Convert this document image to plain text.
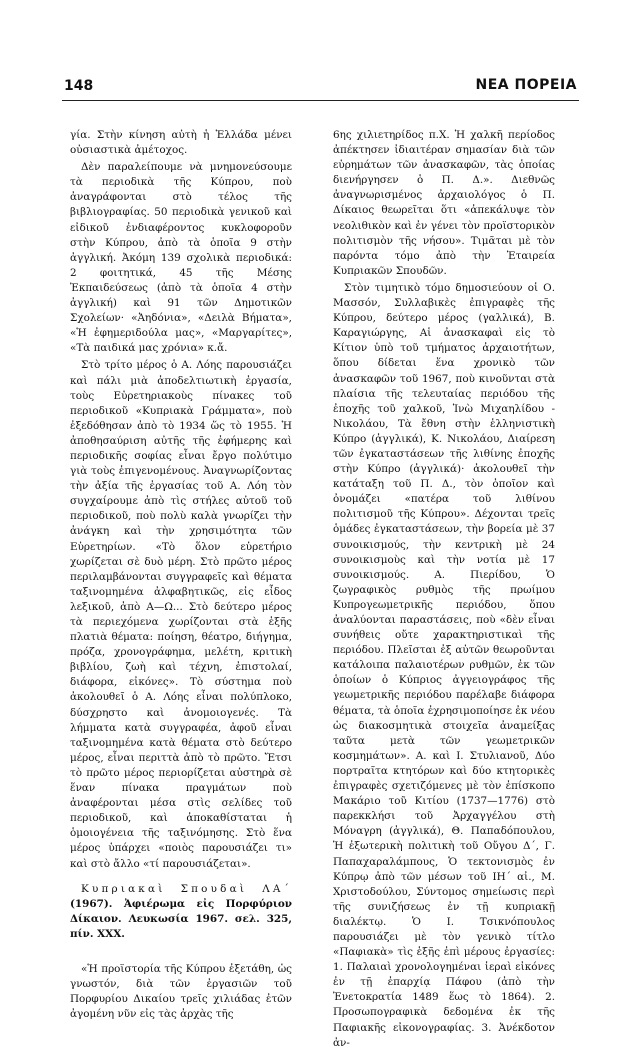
148	ΝΕΑ ΠΟΡΕΙΑ

γία. Στὴν κίνηση αὐτὴ ἡ Ἑλλάδα μένει οὐσιαστικὰ ἀμέτοχος.

Δὲν παραλείπουμε νὰ μνημονεύσουμε τὰ περιοδικὰ τῆς Κύπρου, ποὺ ἀναγράφονται στὸ τέλος τῆς βιβλιογραφίας. 50 περιοδικὰ γενικοῦ καὶ εἰδικοῦ ἐνδιαφέροντος κυκλοφοροῦν στὴν Κύπρου, ἀπὸ τὰ ὁποῖα 9 στὴν ἀγγλική. Ἀκόμη 139 σχολικὰ περιοδικά: 2 φοιτητικά, 45 τῆς Μέσης Ἐκπαιδεύσεως (ἀπὸ τὰ ὁποῖα 4 στὴν ἀγγλική) καὶ 91 τῶν Δημοτικῶν Σχολείων· «Ἀηδόνια», «Δειλὰ Βήματα», «Ἡ ἐφημεριδούλα μας», «Μαργαρίτες», «Τὰ παιδικά μας χρόνια» κ.ἄ.

Στὸ τρίτο μέρος ὁ Α. Λόης παρουσιάζει καὶ πάλι μιὰ ἀποδελτιωτικὴ ἐργασία, τοὺς Εὑρετηριακοὺς πίνακες τοῦ περιοδικοῦ «Κυπριακὰ Γράμματα», ποὺ ἐξεδόθησαν ἀπὸ τὸ 1934 ὥς τὸ 1955. Ἡ ἀποθησαύριση αὐτῆς τῆς ἐφήμερης καὶ περιοδικῆς σοφίας εἶναι ἔργο πολύτιμο γιὰ τοὺς ἐπιγενομένους. Ἀναγνωρίζοντας τὴν ἀξία τῆς ἐργασίας τοῦ Α. Λόη τὸν συγχαίρουμε ἀπὸ τὶς στήλες αὐτοῦ τοῦ περιοδικοῦ, ποὺ πολὺ καλὰ γνωρίζει τὴν ἀνάγκη καὶ τὴν χρησιμότητα τῶν Εὑρετηρίων. «Τὸ ὅλον εὑρετήριο χωρίζεται σὲ δυὸ μέρη. Στὸ πρῶτο μέρος περιλαμβάνονται συγγραφεῖς καὶ θέματα ταξινομημένα ἀλφαβητικῶς, εἰς εἶδος λεξικοῦ, ἀπὸ Α—Ω... Στὸ δεύτερο μέρος τὰ περιεχόμενα χωρίζονται στὰ ἑξῆς πλατιὰ θέματα: ποίηση, θέατρο, διήγημα, πρόζα, χρονογράφημα, μελέτη, κριτικὴ βιβλίου, ζωὴ καὶ τέχνη, ἐπιστολαί, διάφορα, εἰκόνες». Τὸ σύστημα ποὺ ἀκολουθεῖ ὁ Α. Λόης εἶναι πολύπλοκο, δύσχρηστο καὶ ἀνομοιογενές. Τὰ λήμματα κατὰ συγγραφέα, ἀφοῦ εἶναι ταξινομημένα κατὰ θέματα στὸ δεύτερο μέρος, εἶναι περιττὰ ἀπὸ τὸ πρῶτο. Ἔτσι τὸ πρῶτο μέρος περιορίζεται αὐστηρὰ σὲ ἕναν πίνακα πραγμάτων ποὺ ἀναφέρονται μέσα στὶς σελίδες τοῦ περιοδικοῦ, καὶ ἀποκαθίσταται ἡ ὁμοιογένεια τῆς ταξινόμησης. Στὸ ἕνα μέρος ὑπάρχει «ποιὸς παρουσιάζει τι» καὶ στὸ ἄλλο «τί παρουσιάζεται».

Κυπριακαὶ Σπουδαὶ ΛΑ΄ (1967). Ἀφιέρωμα εἰς Πορφύριον Δίκαιον. Λευκωσία 1967. σελ. 325, πίν. XXX.

«Ἡ προϊστορία τῆς Κύπρου ἐξετάθη, ὡς γνωστόν, διὰ τῶν ἐργασιῶν τοῦ Πορφυρίου Δικαίου τρεῖς χιλιάδας ἐτῶν ἀγομένη νῦν εἰς τὰς ἀρχὰς τῆς

6ης χιλιετηρίδος π.Χ. Ἡ χαλκῆ περίοδος ἀπέκτησεν ἰδιαιτέραν σημασίαν διὰ τῶν εὑρημάτων τῶν ἀνασκαφῶν, τὰς ὁποίας διενήργησεν ὁ Π. Δ.». Διεθνῶς ἀναγνωρισμένος ἀρχαιολόγος ὁ Π. Δίκαιος θεωρεῖται ὅτι «ἀπεκάλυψε τὸν νεολιθικὸν καὶ ἐν γένει τὸν προϊστορικὸν πολιτισμὸν τῆς νήσου». Τιμᾶται μὲ τὸν παρόντα τόμο ἀπὸ τὴν Ἑταιρεία Κυπριακῶν Σπουδῶν.

Στὸν τιμητικὸ τόμο δημοσιεύουν οἱ Ο. Μασσόν, Συλλαβικὲς ἐπιγραφὲς τῆς Κύπρου, δεύτερο μέρος (γαλλικά), Β. Καραγιώργης, Αἱ ἀνασκαφαὶ εἰς τὸ Κίτιον ὑπὸ τοῦ τμήματος ἀρχαιοτήτων, ὅπου δίδεται ἕνα χρονικὸ τῶν ἀνασκαφῶν τοῦ 1967, ποὺ κινοῦνται στὰ πλαίσια τῆς τελευταίας περιόδου τῆς ἐποχῆς τοῦ χαλκοῦ, Ἰνὼ Μιχαηλίδου - Νικολάου, Τὰ ἔθνη στὴν ἑλληνιστικὴ Κύπρο (ἀγγλικά), Κ. Νικολάου, Διαίρεση τῶν ἐγκαταστάσεων τῆς λιθίνης ἐποχῆς στὴν Κύπρο (ἀγγλικά)· ἀκολουθεῖ τὴν κατάταξη τοῦ Π. Δ., τὸν ὁποῖον καὶ ὀνομάζει «πατέρα τοῦ λιθίνου πολιτισμοῦ τῆς Κύπρου». Δέχονται τρεῖς ὁμάδες ἐγκαταστάσεων, τὴν βορεία μὲ 37 συνοικισμούς, τὴν κεντρικὴ μὲ 24 συνοικισμοὺς καὶ τὴν νοτία μὲ 17 συνοικισμούς. Α. Πιερίδου, Ὁ ζωγραφικὸς ρυθμὸς τῆς πρωίμου Κυπρογεωμετρικῆς περιόδου, ὅπου ἀναλύονται παραστάσεις, ποὺ «δὲν εἶναι συνήθεις οὔτε χαρακτηριστικαὶ τῆς περιόδου. Πλεῖσται ἐξ αὐτῶν θεωροῦνται κατάλοιπα παλαιοτέρων ρυθμῶν, ἐκ τῶν ὁποίων ὁ Κύπριος ἀγγειογράφος τῆς γεωμετρικῆς περιόδου παρέλαβε διάφορα θέματα, τὰ ὁποῖα ἐχρησιμοποίησε ἐκ νέου ὡς διακοσμητικὰ στοιχεῖα ἀναμείξας ταῦτα μετὰ τῶν γεωμετρικῶν κοσμημάτων». Α. καὶ Ι. Στυλιανοῦ, Δύο πορτραῖτα κτητόρων καὶ δύο κτητορικὲς ἐπιγραφὲς σχετιζόμενες μὲ τὸν ἐπίσκοπο Μακάριο τοῦ Κιτίου (1737—1776) στὸ παρεκκλήσι τοῦ Ἀρχαγγέλου στὴ Μόναγρη (ἀγγλικά), Θ. Παπαδόπουλου, Ἡ ἐξωτερικὴ πολιτικὴ τοῦ Οὔγου Δ΄, Γ. Παπαχαραλάμπους, Ὁ τεκτονισμὸς ἐν Κύπρῳ ἀπὸ τῶν μέσων τοῦ ΙΗ΄ αἰ., Μ. Χριστοδούλου, Σύντομος σημείωσις περὶ τῆς συνιζήσεως ἐν τῇ κυπριακῇ διαλέκτῳ. Ὁ Ι. Τσικνόπουλος παρουσιάζει μὲ τὸν γενικὸ τίτλο «Παφιακὰ» τὶς ἑξῆς ἐπὶ μέρους ἐργασίες: 1. Παλαιαὶ χρονολογημέναι ἱεραὶ εἰκόνες ἐν τῇ ἐπαρχίᾳ Πάφου (ἀπὸ τὴν Ἐνετοκρατία 1489 ἕως τὸ 1864). 2. Προσωπογραφικὰ δεδομένα ἐκ τῆς Παφιακῆς εἰκονογραφίας. 3. Ἀνέκδοτον ἀν-
